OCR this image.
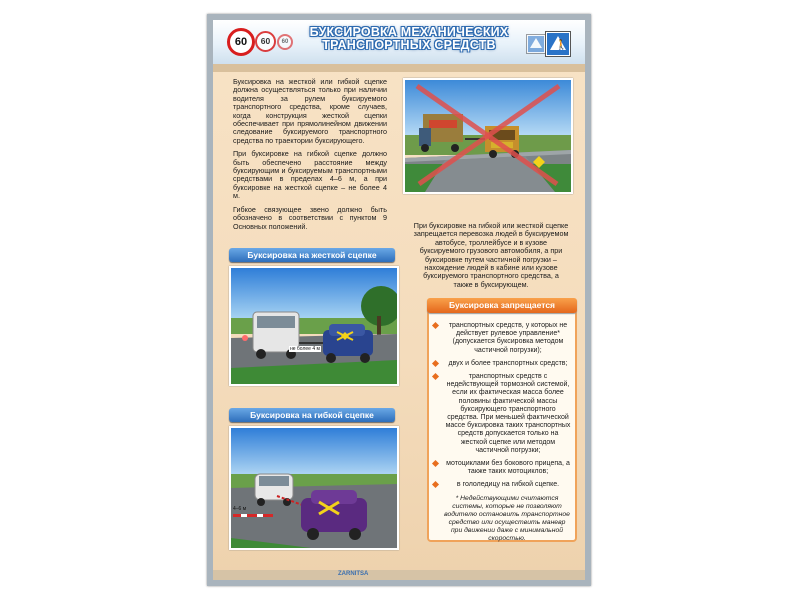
60	60	60
БУКСИРОВКА МЕХАНИЧЕСКИХ
ТРАНСПОРТНЫХ СРЕДСТВ	🚶

Буксировка на жесткой или гибкой сцепке должна осуществляться только при наличии водителя за рулем буксируемого транспортного средства, кроме случаев, когда конструкция жесткой сцепки обеспечивает при прямолинейном движении следование буксируемого транспортного средства по траектории буксирующего.

При буксировке на гибкой сцепке должно быть обеспечено расстояние между буксирующим и буксируемым транспортными средствами в пределах 4–6 м, а при буксировке на жесткой сцепке – не более 4 м.

Гибкое связующее звено должно быть обозначено в соответствии с пунктом 9 Основных положений.	При буксировке на гибкой или жесткой сцепке запрещается перевозка людей в буксируемом автобусе, троллейбусе и в кузове буксируемого грузового автомобиля, а при буксировке путем частичной погрузки – нахождение людей в кабине или кузове буксируемого транспортного средства, а также в буксирующем.
Буксировка на жесткой сцепке
не более 4 м
Буксировка на гибкой сцепке
4–6 м
Буксировка запрещается
транспортных средств, у которых не действует рулевое управление* (допускается буксировка методом частичной погрузки);
двух и более транспортных средств;
транспортных средств с недействующей тормозной системой, если их фактическая масса более половины фактической массы буксирующего транспортного средства. При меньшей фактической массе буксировка таких транспортных средств допускается только на жесткой сцепке или методом частичной погрузки;
мотоциклами без бокового прицепа, а также таких мотоциклов;
в гололедицу на гибкой сцепке.
* Недействующими считаются системы, которые не позволяют водителю остановить транспортное средство или осуществить маневр при движении даже с минимальной скоростью.
ZARNITSA
